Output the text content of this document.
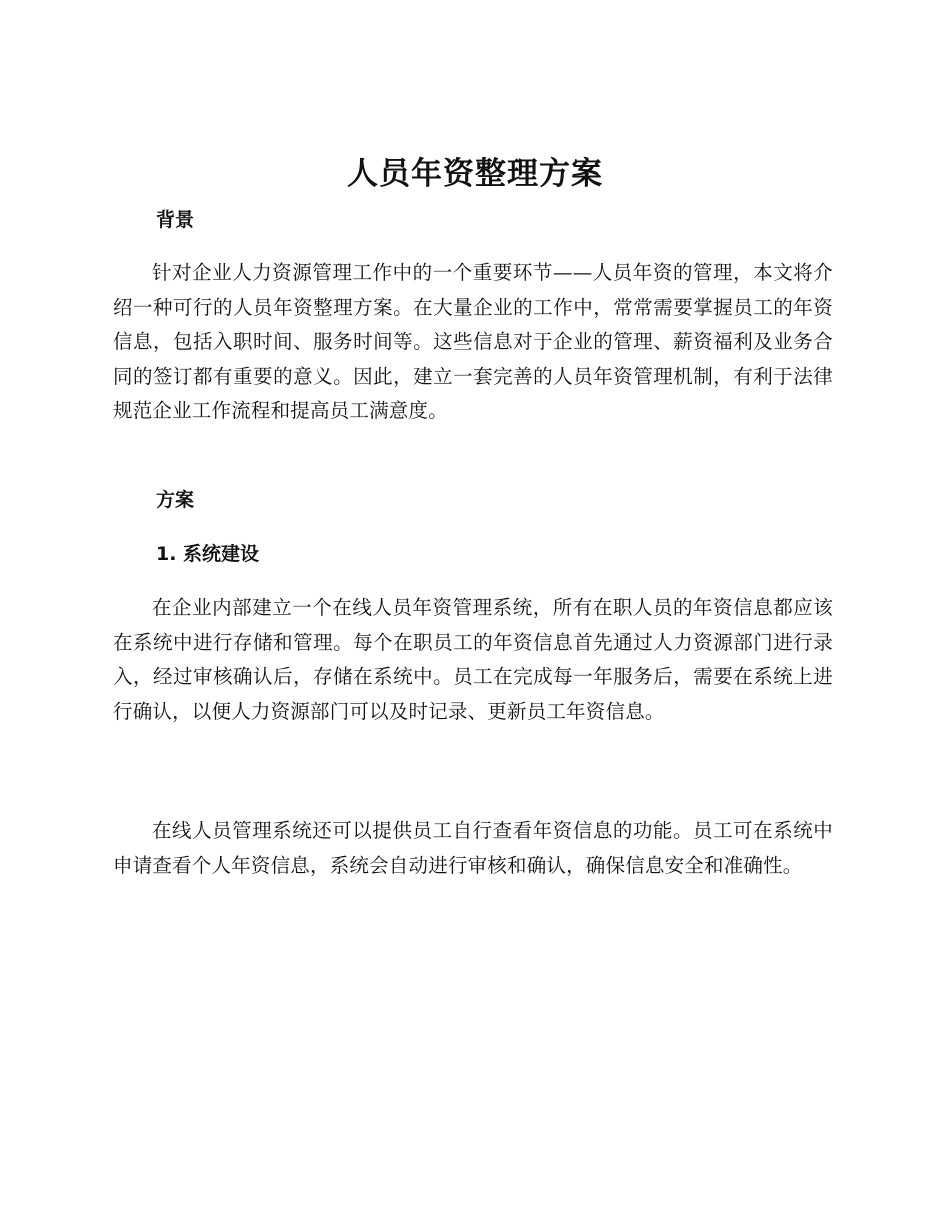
人员年资整理方案
背景

针对企业人力资源管理工作中的一个重要环节——人员年资的管理，本文将介绍一种可行的人员年资整理方案。在大量企业的工作中，常常需要掌握员工的年资信息，包括入职时间、服务时间等。这些信息对于企业的管理、薪资福利及业务合同的签订都有重要的意义。因此，建立一套完善的人员年资管理机制，有利于法律规范企业工作流程和提高员工满意度。

方案
1. 系统建设

在企业内部建立一个在线人员年资管理系统，所有在职人员的年资信息都应该在系统中进行存储和管理。每个在职员工的年资信息首先通过人力资源部门进行录入，经过审核确认后，存储在系统中。员工在完成每一年服务后，需要在系统上进行确认，以便人力资源部门可以及时记录、更新员工年资信息。

在线人员管理系统还可以提供员工自行查看年资信息的功能。员工可在系统中申请查看个人年资信息，系统会自动进行审核和确认，确保信息安全和准确性。
